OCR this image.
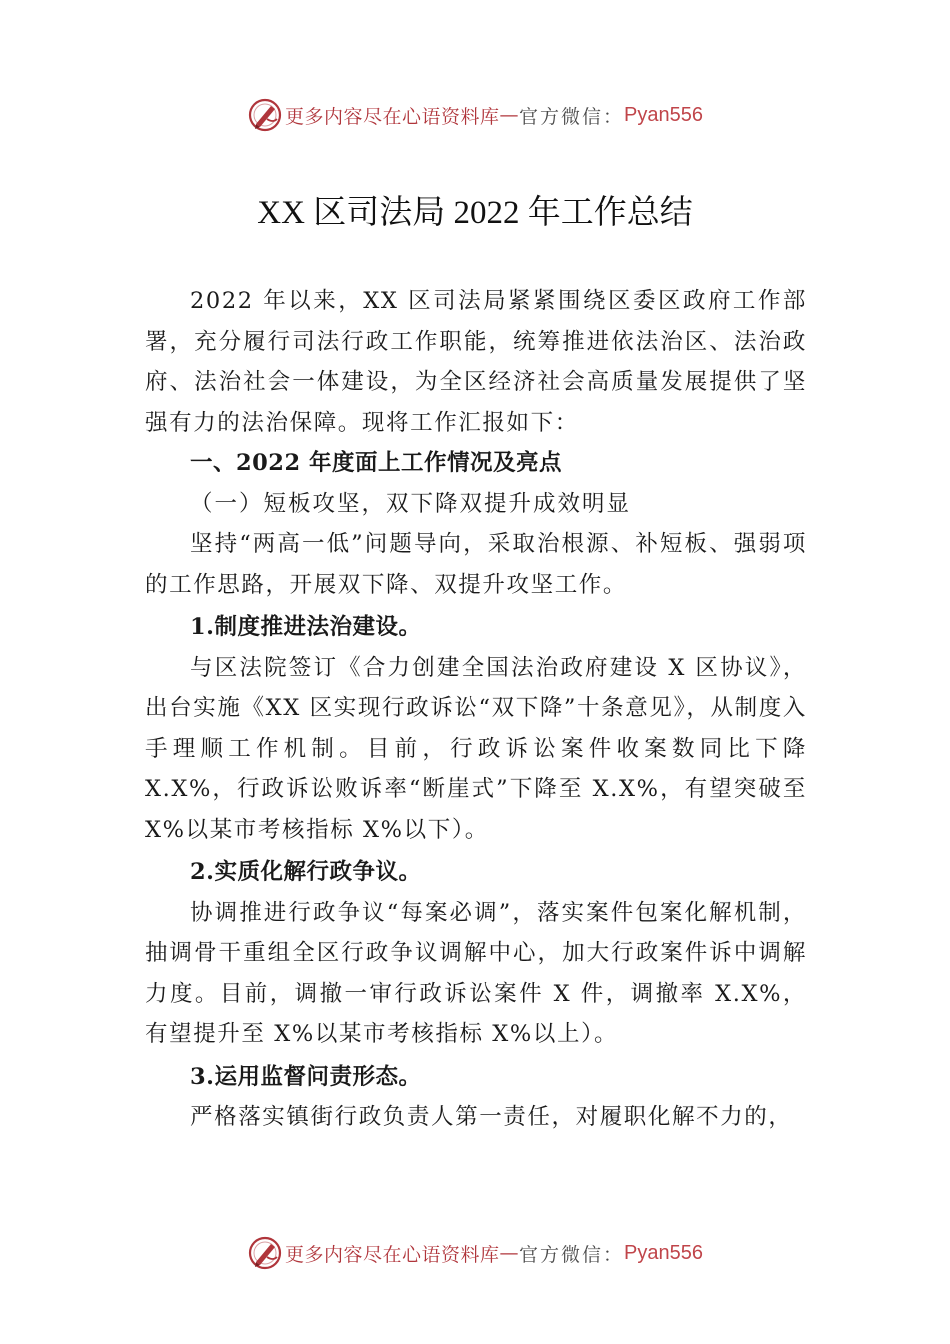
更多内容尽在心语资料库 — 官方微信： Pyan556
XX 区司法局 2022 年工作总结

2022 年以来，XX 区司法局紧紧围绕区委区政府工作部署，充分履行司法行政工作职能，统筹推进依法治区、法治政府、法治社会一体建设，为全区经济社会高质量发展提供了坚强有力的法治保障。现将工作汇报如下：

一、2022 年度面上工作情况及亮点

（一）短板攻坚，双下降双提升成效明显

坚持“两高一低”问题导向，采取治根源、补短板、强弱项的工作思路，开展双下降、双提升攻坚工作。

1.制度推进法治建设。

与区法院签订《合力创建全国法治政府建设 X 区协议》，出台实施《XX 区实现行政诉讼“双下降”十条意见》，从制度入手理顺工作机制。目前，行政诉讼案件收案数同比下降 X.X%，行政诉讼败诉率“断崖式”下降至 X.X%，有望突破至 X%以某市考核指标 X%以下）。

2.实质化解行政争议。

协调推进行政争议“每案必调”，落实案件包案化解机制，抽调骨干重组全区行政争议调解中心，加大行政案件诉中调解力度。目前，调撤一审行政诉讼案件 X 件，调撤率 X.X%，有望提升至 X%以某市考核指标 X%以上）。

3.运用监督问责形态。

严格落实镇街行政负责人第一责任，对履职化解不力的，

更多内容尽在心语资料库 — 官方微信： Pyan556
